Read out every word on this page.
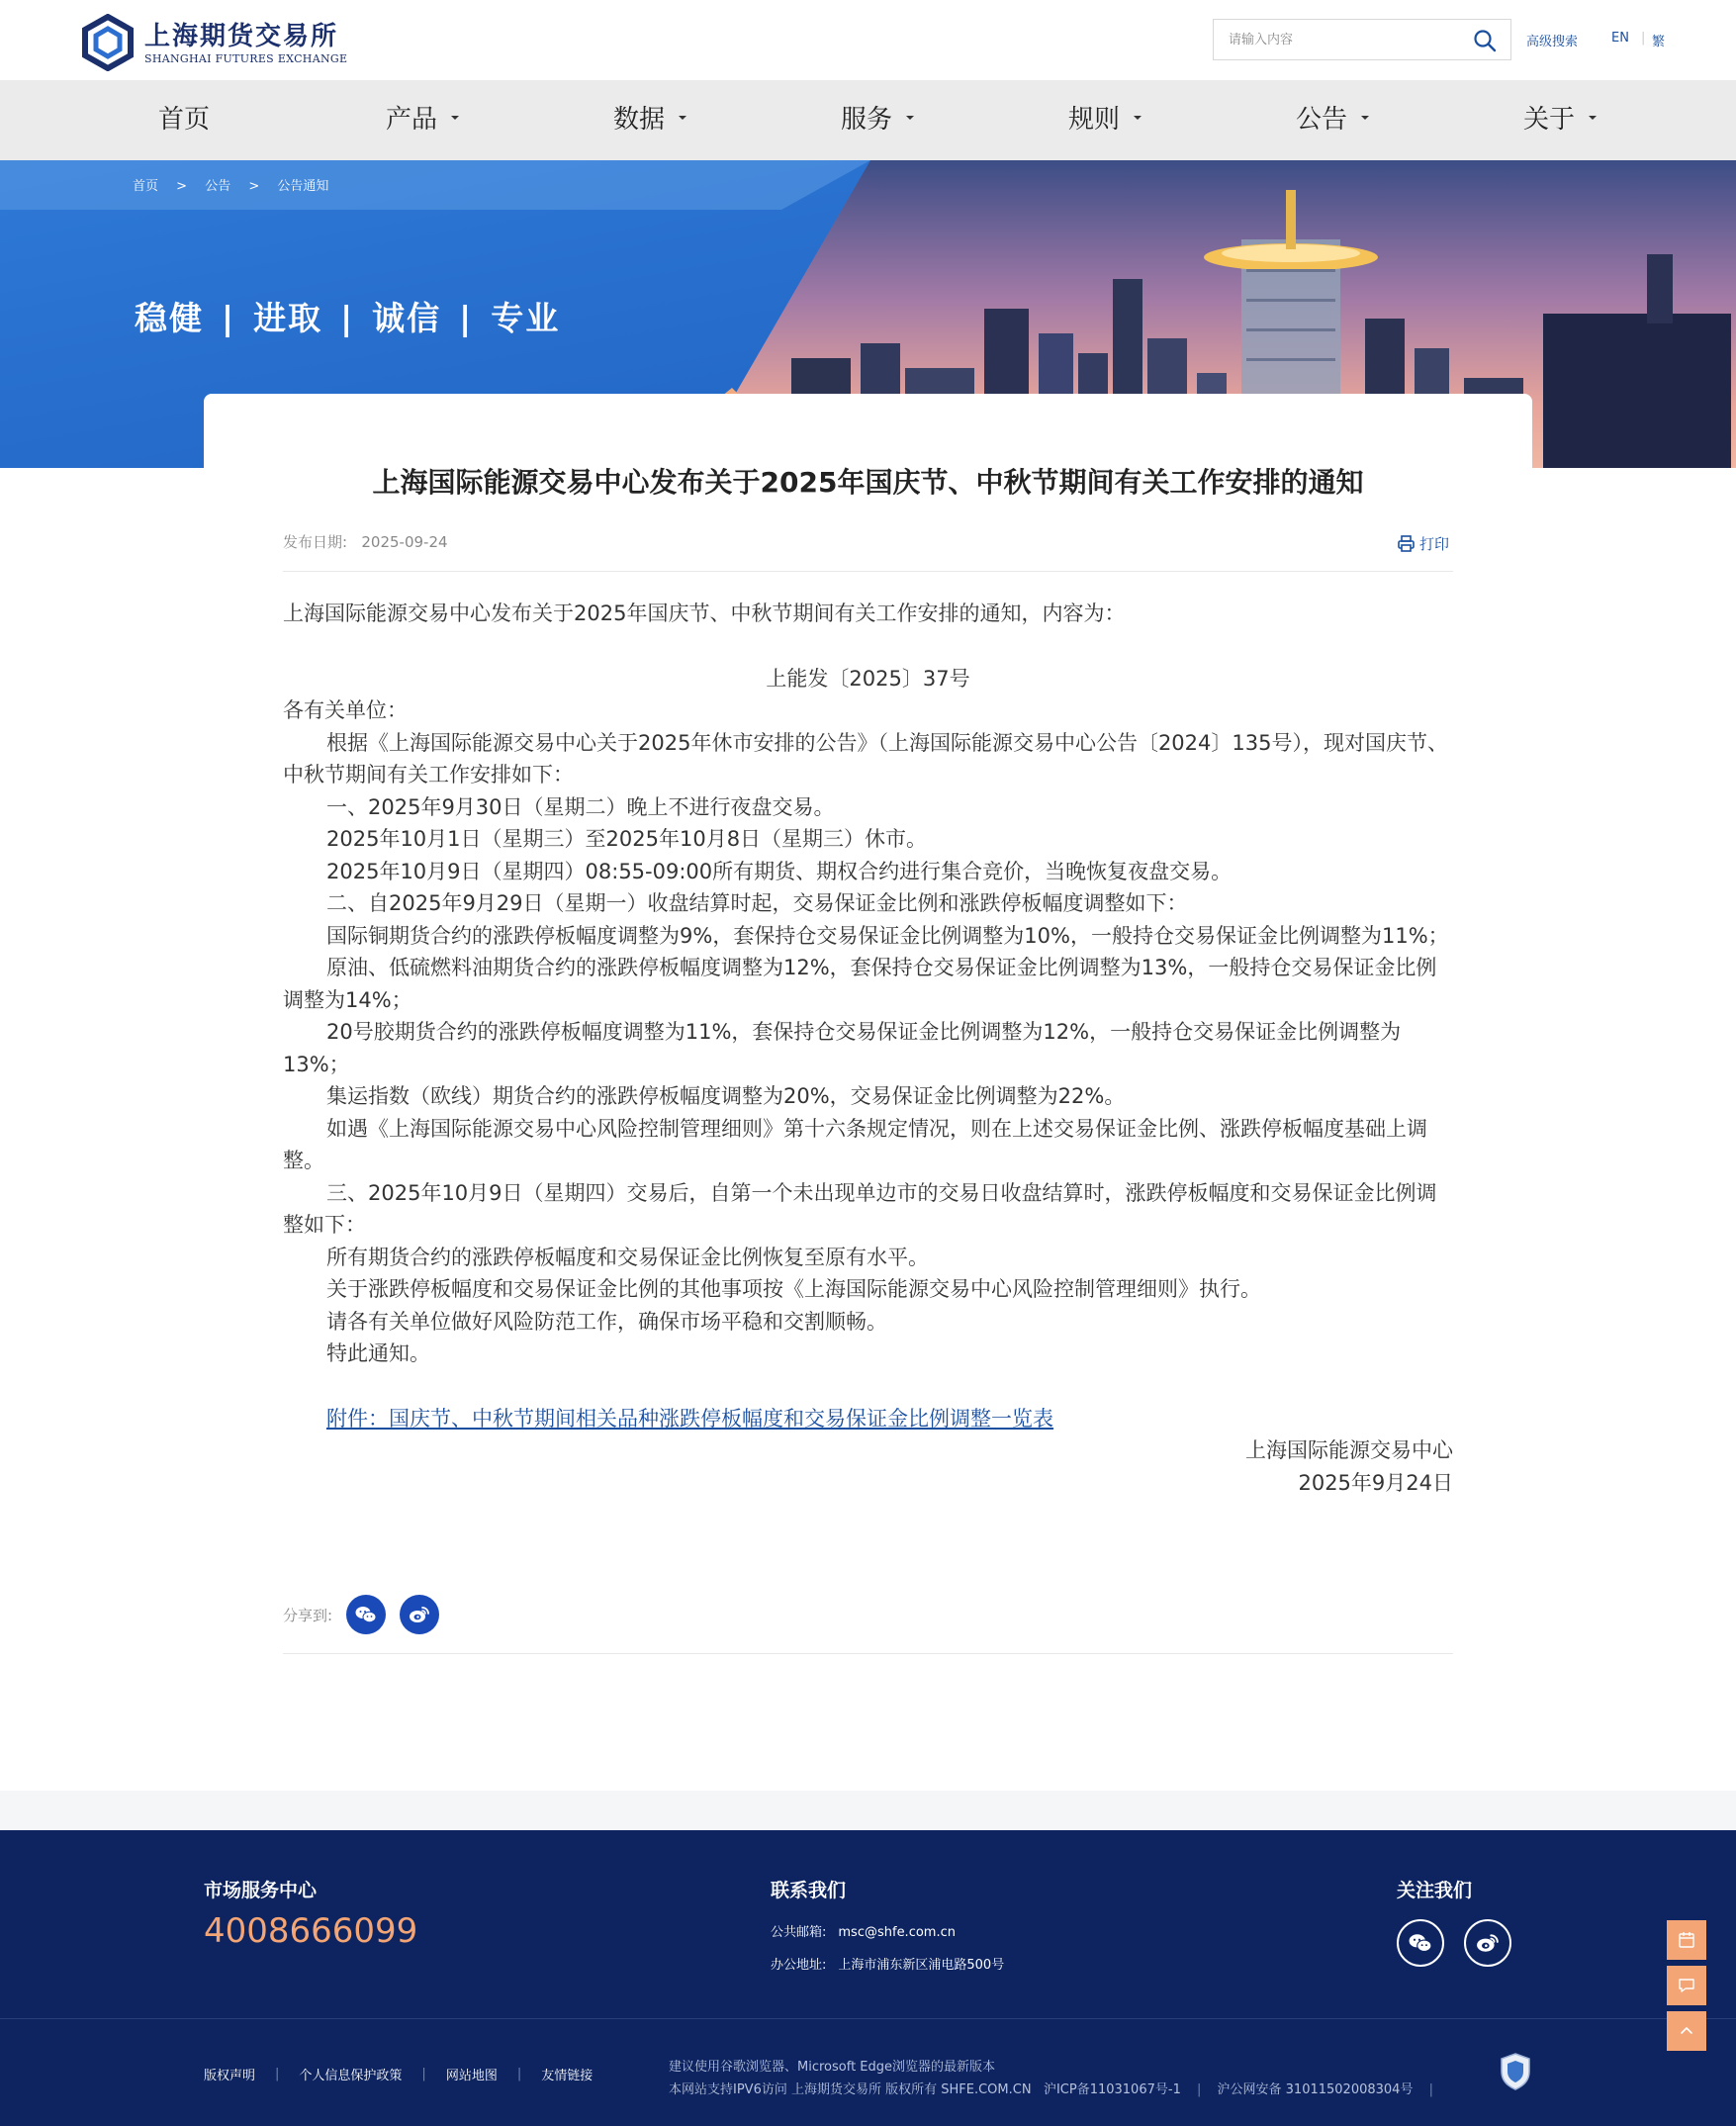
上海期货交易所
SHANGHAI FUTURES EXCHANGE
请输入内容
高级搜索	EN | 繁
首页	产品	数据	服务	规则	公告	关于
首页 > 公告 > 公告通知
稳健 | 进取 | 诚信 | 专业
上海国际能源交易中心发布关于2025年国庆节、中秋节期间有关工作安排的通知
发布日期: 2025-09-24	打印

上海国际能源交易中心发布关于2025年国庆节、中秋节期间有关工作安排的通知，内容为：

上能发〔2025〕37号

各有关单位：

根据《上海国际能源交易中心关于2025年休市安排的公告》（上海国际能源交易中心公告〔2024〕135号），现对国庆节、中秋节期间有关工作安排如下：

一、2025年9月30日（星期二）晚上不进行夜盘交易。

2025年10月1日（星期三）至2025年10月8日（星期三）休市。

2025年10月9日（星期四）08:55-09:00所有期货、期权合约进行集合竞价，当晚恢复夜盘交易。

二、自2025年9月29日（星期一）收盘结算时起，交易保证金比例和涨跌停板幅度调整如下：

国际铜期货合约的涨跌停板幅度调整为9%，套保持仓交易保证金比例调整为10%，一般持仓交易保证金比例调整为11%；

原油、低硫燃料油期货合约的涨跌停板幅度调整为12%，套保持仓交易保证金比例调整为13%，一般持仓交易保证金比例调整为14%；

20号胶期货合约的涨跌停板幅度调整为11%，套保持仓交易保证金比例调整为12%，一般持仓交易保证金比例调整为13%；

集运指数（欧线）期货合约的涨跌停板幅度调整为20%，交易保证金比例调整为22%。

如遇《上海国际能源交易中心风险控制管理细则》第十六条规定情况，则在上述交易保证金比例、涨跌停板幅度基础上调整。

三、2025年10月9日（星期四）交易后，自第一个未出现单边市的交易日收盘结算时，涨跌停板幅度和交易保证金比例调整如下：

所有期货合约的涨跌停板幅度和交易保证金比例恢复至原有水平。

关于涨跌停板幅度和交易保证金比例的其他事项按《上海国际能源交易中心风险控制管理细则》执行。

请各有关单位做好风险防范工作，确保市场平稳和交割顺畅。

特此通知。

附件：国庆节、中秋节期间相关品种涨跌停板幅度和交易保证金比例调整一览表

上海国际能源交易中心

2025年9月24日

分享到:
市场服务中心
4008666099
联系我们
公共邮箱: msc@shfe.com.cn
办公地址: 上海市浦东新区浦电路500号
关注我们
版权声明 | 个人信息保护政策 | 网站地图 | 友情链接
建议使用谷歌浏览器、Microsoft Edge浏览器的最新版本
本网站支持IPV6访问 上海期货交易所 版权所有 SHFE.COM.CN 沪ICP备11031067号-1 | 沪公网安备 31011502008304号 |
